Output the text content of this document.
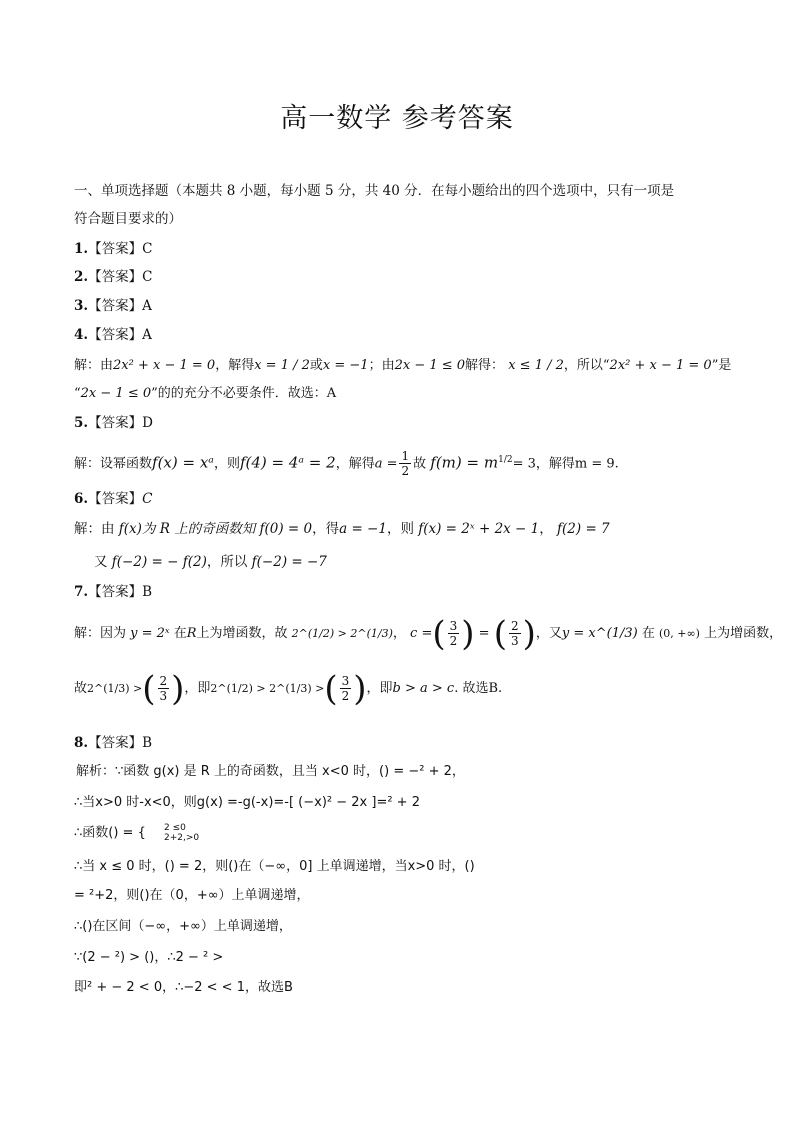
高一数学 参考答案
一、单项选择题（本题共 8 小题，每小题 5 分，共 40 分．在每小题给出的四个选项中，只有一项是
符合题目要求的）
1.【答案】C
2.【答案】C
3.【答案】A
4.【答案】A
解：由2x² + x − 1 = 0，解得x = 1 / 2或x = −1；由2x − 1 ≤ 0解得： x ≤ 1 / 2，所以“2x² + x − 1 = 0”是
“2x − 1 ≤ 0”的的充分不必要条件．故选：A
5.【答案】D
解：设幂函数f(x) = xᵃ，则f(4) = 4ᵃ = 2，解得$a = \frac{1}{2}$ 故 $f(m) = m^{1/2}= 3$，解得m = 9.
6.【答案】C
解：由 f(x)为 R 上的奇函数知 f(0) = 0，得a = −1，则 f(x) = 2ˣ + 2x − 1， f(2) = 7
又 f(−2) = − f(2)，所以 f(−2) = −7
7.【答案】B
解：因为 y = 2ˣ 在R上为增函数，故 2^(1/2) > 2^(1/3)， c = ( $\frac{3}{2}$ ) = ( $\frac{2}{3}$ ) ，又y = x^(1/3) 在 (0, +∞) 上为增函数，
故2^(1/3) > ( $\frac{2}{3}$ ) ，即2^(1/2) > 2^(1/3) > ( $\frac{3}{2}$ ) ，即b > a > c. 故选B.
8.【答案】B
解析：∵函数 g(x) 是 R 上的奇函数，且当 x<0 时，() = −² + 2，
∴当x>0 时-x<0，则g(x) =-g(-x)=-[ (−x)² − 2x ]=² + 2
∴函数() = { 2 ≤0
2+2,>0
∴当 x ≤ 0 时，() = 2，则()在（−∞，0] 上单调递增，当x>0 时，()
= ²+2，则()在（0，+∞）上单调递增，
∴()在区间（−∞，+∞）上单调递增，
∵(2 − ²) > ()，∴2 − ² >
即² + − 2 < 0，∴−2 < < 1，故选B
